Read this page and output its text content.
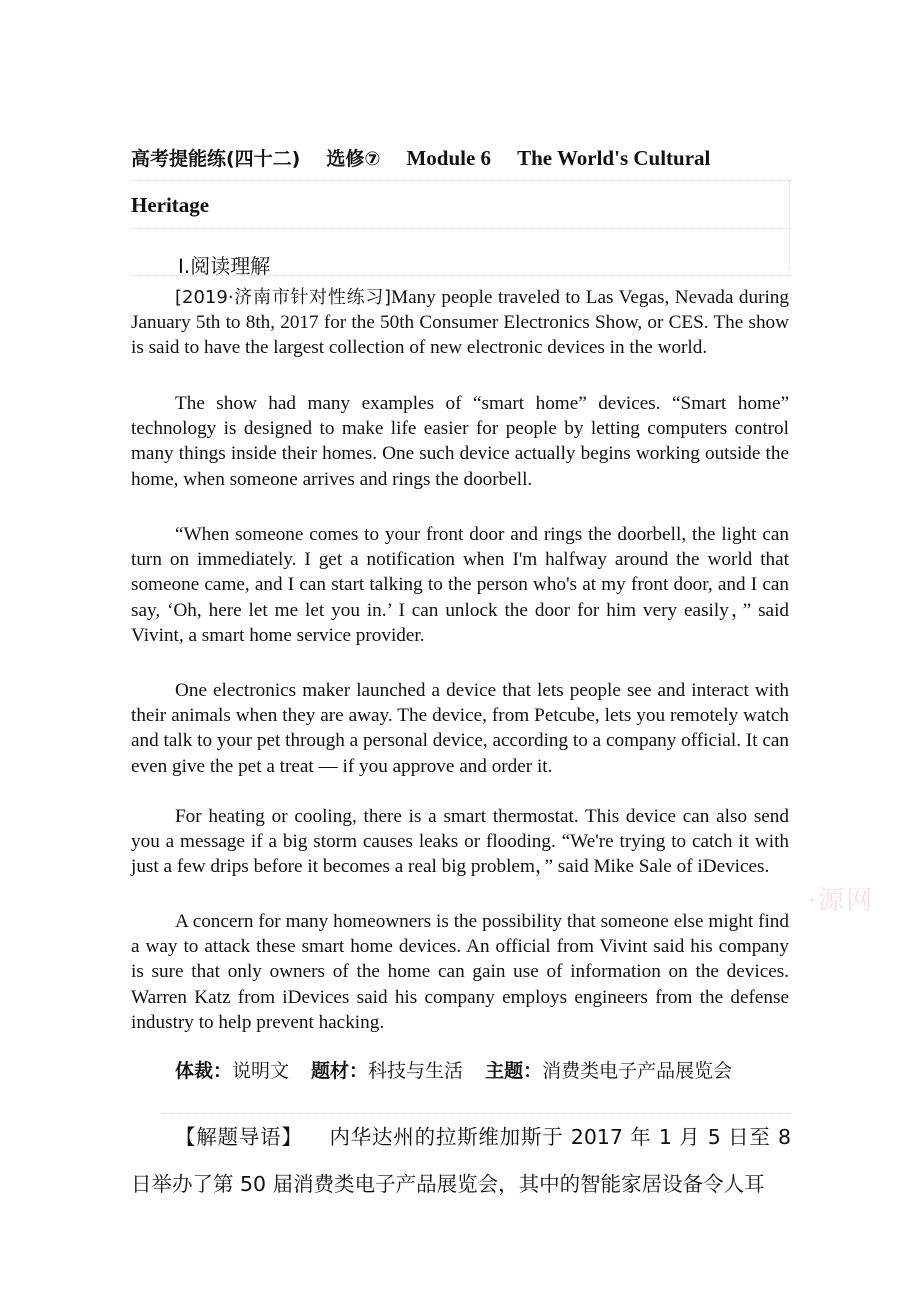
高考提能练(四十二) 选修⑦ Module 6 The World's Cultural
Heritage
Ⅰ.阅读理解

[2019·济南市针对性练习]Many people traveled to Las Vegas, Nevada during January 5th to 8th, 2017 for the 50th Consumer Electronics Show, or CES. The show is said to have the largest collection of new electronic devices in the world.

The show had many examples of “smart home” devices. “Smart home” technology is designed to make life easier for people by letting computers control many things inside their homes. One such device actually begins working outside the home, when someone arrives and rings the doorbell.

“When someone comes to your front door and rings the doorbell, the light can turn on immediately. I get a notification when I'm halfway around the world that someone came, and I can start talking to the person who's at my front door, and I can say, ‘Oh, here let me let you in.’ I can unlock the door for him very easily，” said Vivint, a smart home service provider.

One electronics maker launched a device that lets people see and interact with their animals when they are away. The device, from Petcube, lets you remotely watch and talk to your pet through a personal device, according to a company official. It can even give the pet a treat — if you approve and order it.

For heating or cooling, there is a smart thermostat. This device can also send you a message if a big storm causes leaks or flooding. “We're trying to catch it with just a few drips before it becomes a real big problem，” said Mike Sale of iDevices.

A concern for many homeowners is the possibility that someone else might find a way to attack these smart home devices. An official from Vivint said his company is sure that only owners of the home can gain use of information on the devices. Warren Katz from iDevices said his company employs engineers from the defense industry to help prevent hacking.

体裁：说明文 题材：科技与生活 主题：消费类电子产品展览会
【解题导语】 内华达州的拉斯维加斯于 2017 年 1 月 5 日至 8 日举办了第 50 届消费类电子产品展览会，其中的智能家居设备令人耳
·源网
